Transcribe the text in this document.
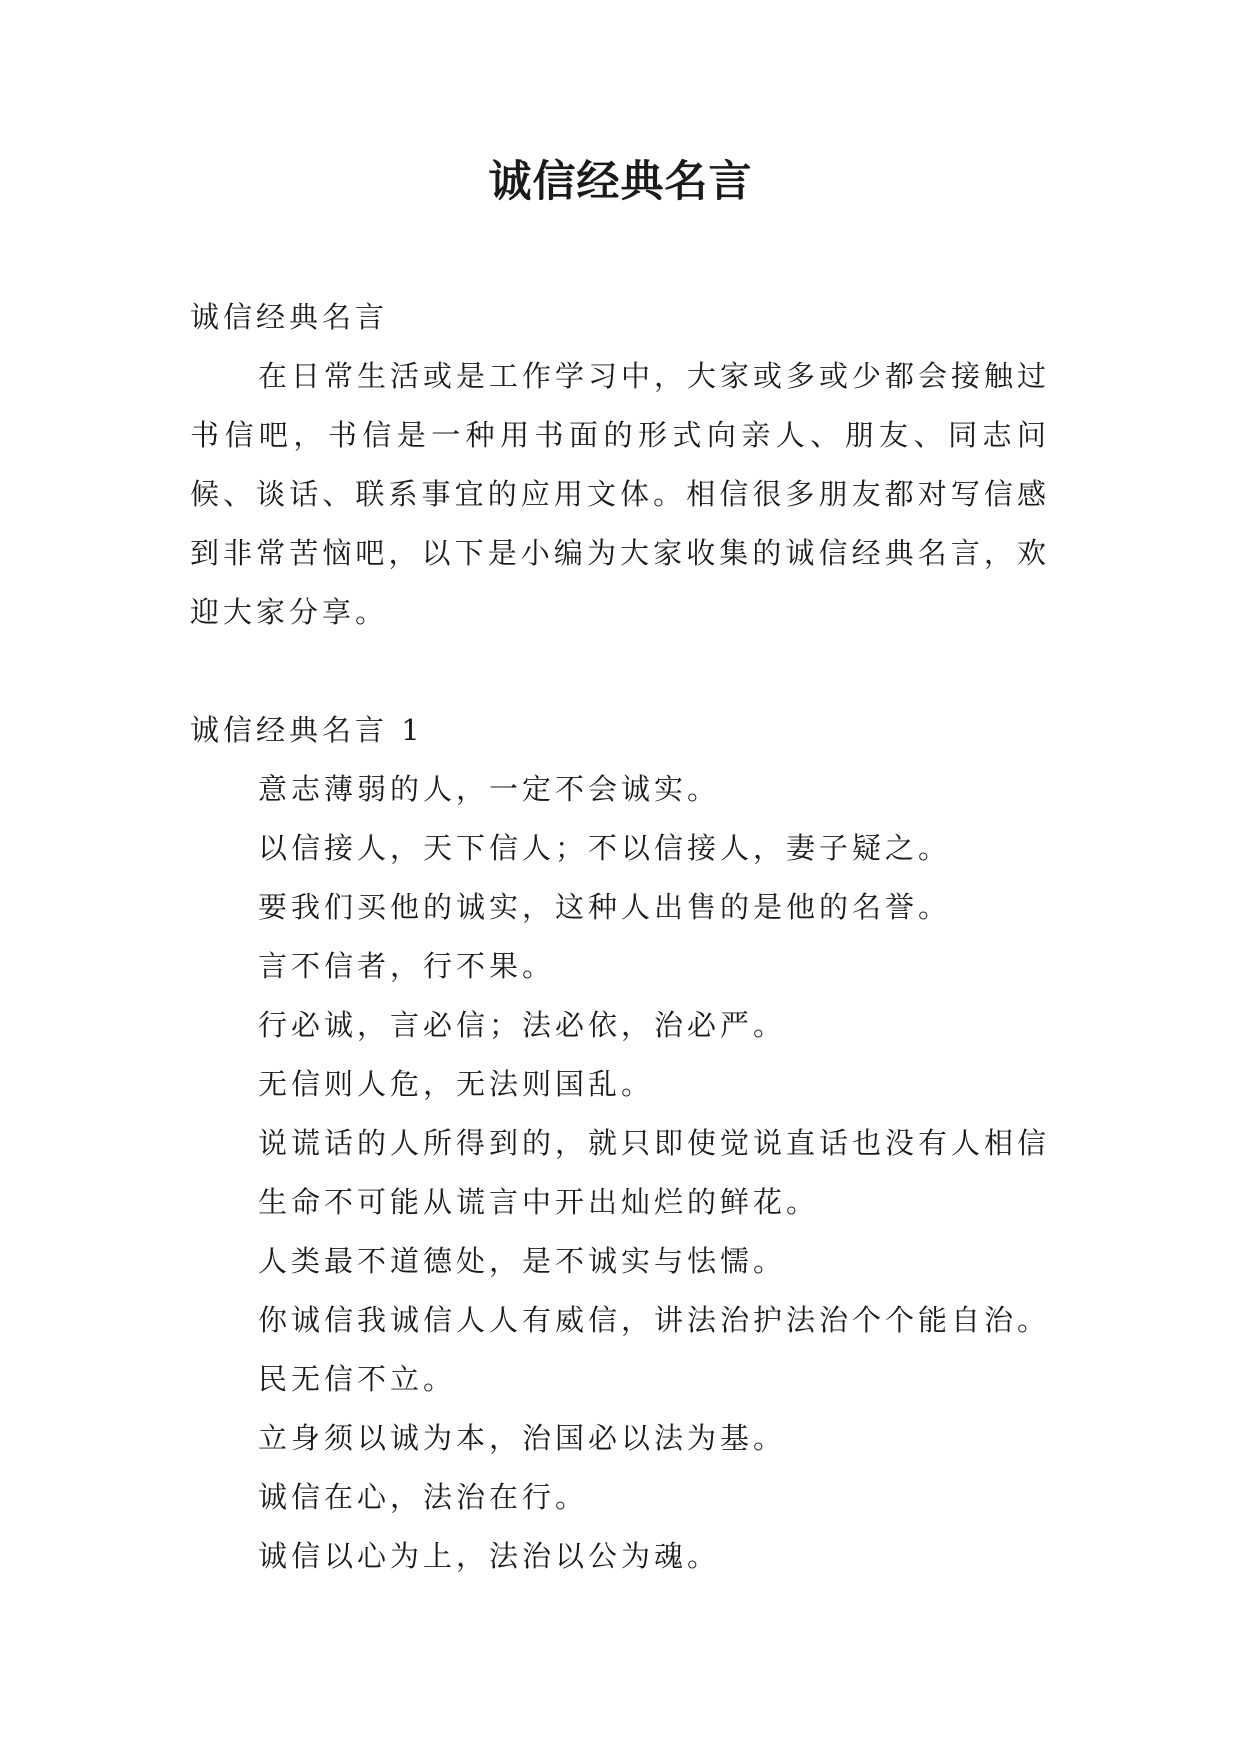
诚信经典名言

诚信经典名言

在日常生活或是工作学习中，大家或多或少都会接触过书信吧，书信是一种用书面的形式向亲人、朋友、同志问候、谈话、联系事宜的应用文体。相信很多朋友都对写信感到非常苦恼吧，以下是小编为大家收集的诚信经典名言，欢迎大家分享。

诚信经典名言 1

意志薄弱的人，一定不会诚实。

以信接人，天下信人；不以信接人，妻子疑之。

要我们买他的诚实，这种人出售的是他的名誉。

言不信者，行不果。

行必诚，言必信；法必依，治必严。

无信则人危，无法则国乱。

说谎话的人所得到的，就只即使觉说直话也没有人相信

生命不可能从谎言中开出灿烂的鲜花。

人类最不道德处，是不诚实与怯懦。

你诚信我诚信人人有威信，讲法治护法治个个能自治。

民无信不立。

立身须以诚为本，治国必以法为基。

诚信在心，法治在行。

诚信以心为上，法治以公为魂。
